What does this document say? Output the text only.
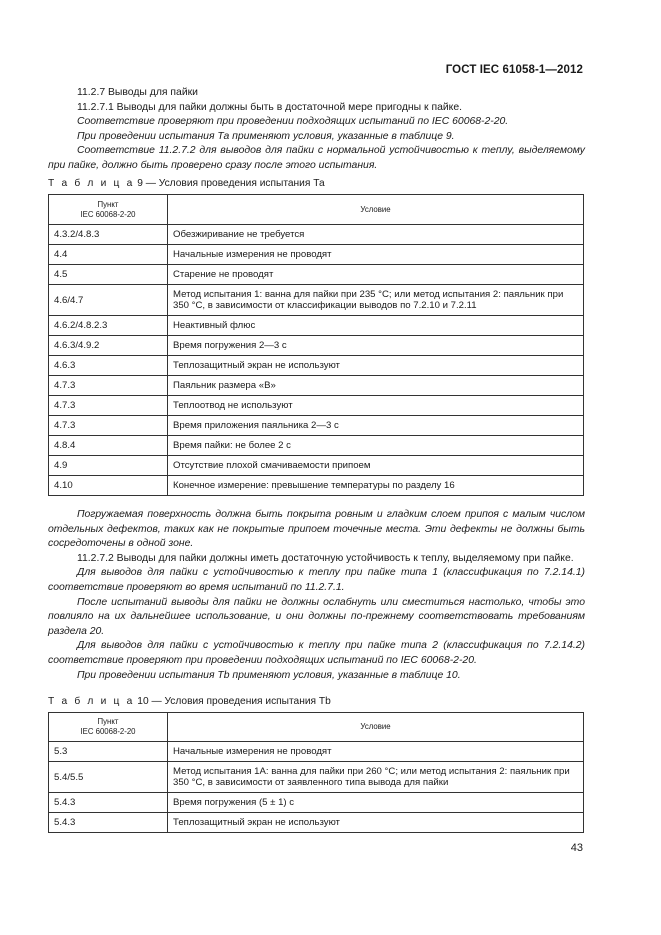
ГОСТ IEC 61058-1—2012

11.2.7 Выводы для пайки

11.2.7.1 Выводы для пайки должны быть в достаточной мере пригодны к пайке.

Соответствие проверяют при проведении подходящих испытаний по IEC 60068-2-20.

При проведении испытания Та применяют условия, указанные в таблице 9.

Соответствие 11.2.7.2 для выводов для пайки с нормальной устойчивостью к теплу, выделяемому при пайке, должно быть проверено сразу после этого испытания.

Т а б л и ц а 9 — Условия проведения испытания Та
Пункт
IEC 60068-2-20	Условие
4.3.2/4.8.3	Обезжиривание не требуется
4.4	Начальные измерения не проводят
4.5	Старение не проводят
4.6/4.7	Метод испытания 1: ванна для пайки при 235 °С; или метод испытания 2: паяльник при 350 °С, в зависимости от классификации выводов по 7.2.10 и 7.2.11
4.6.2/4.8.2.3	Неактивный флюс
4.6.3/4.9.2	Время погружения 2—3 с
4.6.3	Теплозащитный экран не используют
4.7.3	Паяльник размера «B»
4.7.3	Теплоотвод не используют
4.7.3	Время приложения паяльника 2—3 с
4.8.4	Время пайки: не более 2 с
4.9	Отсутствие плохой смачиваемости припоем
4.10	Конечное измерение: превышение температуры по разделу 16

Погружаемая поверхность должна быть покрыта ровным и гладким слоем припоя с малым числом отдельных дефектов, таких как не покрытые припоем точечные места. Эти дефекты не должны быть сосредоточены в одной зоне.

11.2.7.2 Выводы для пайки должны иметь достаточную устойчивость к теплу, выделяемому при пайке.

Для выводов для пайки с устойчивостью к теплу при пайке типа 1 (классификация по 7.2.14.1) соответствие проверяют во время испытаний по 11.2.7.1.

После испытаний выводы для пайки не должны ослабнуть или сместиться настолько, чтобы это повлияло на их дальнейшее использование, и они должны по-прежнему соответствовать требованиям раздела 20.

Для выводов для пайки с устойчивостью к теплу при пайке типа 2 (классификация по 7.2.14.2) соответствие проверяют при проведении подходящих испытаний по IEC 60068-2-20.

При проведении испытания Tb применяют условия, указанные в таблице 10.

Т а б л и ц а 10 — Условия проведения испытания Tb
Пункт
IEC 60068-2-20	Условие
5.3	Начальные измерения не проводят
5.4/5.5	Метод испытания 1А: ванна для пайки при 260 °С; или метод испытания 2: паяльник при 350 °С, в зависимости от заявленного типа вывода для пайки
5.4.3	Время погружения (5 ± 1) с
5.4.3	Теплозащитный экран не используют
43
